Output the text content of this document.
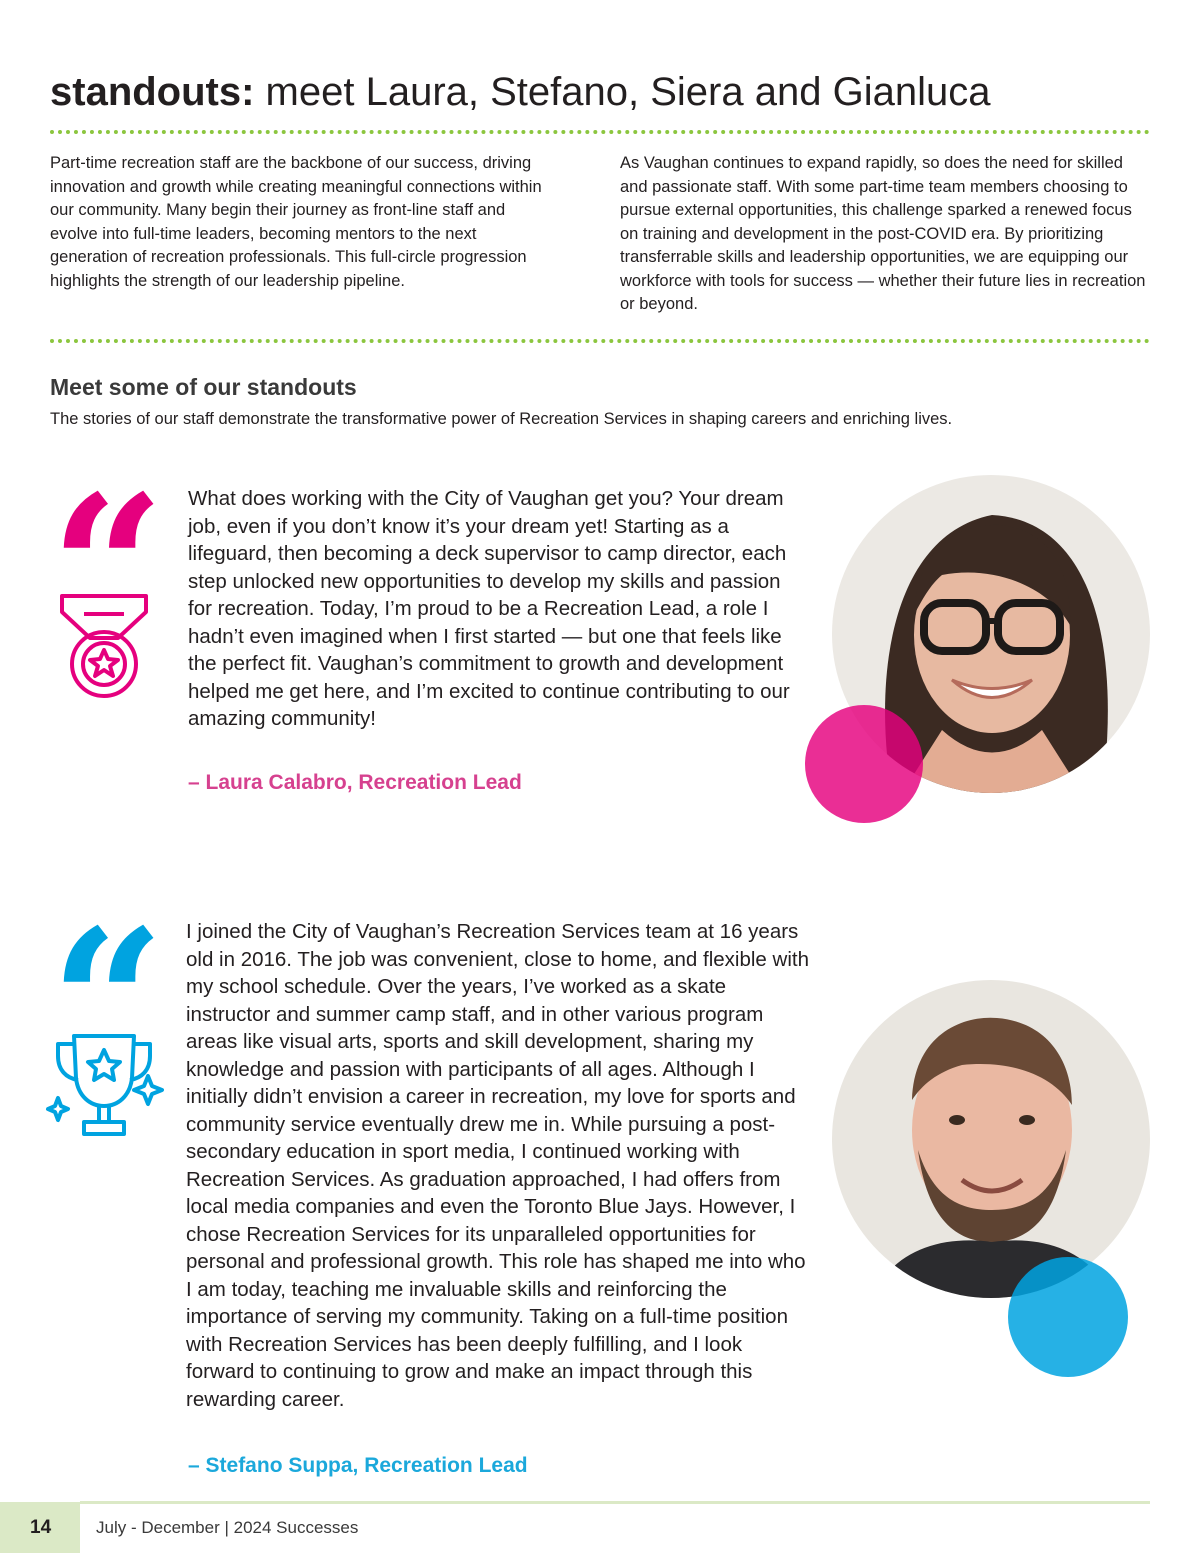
standouts: meet Laura, Stefano, Siera and Gianluca

Part-time recreation staff are the backbone of our success, driving innovation and growth while creating meaningful connections within our community. Many begin their journey as front-line staff and evolve into full-time leaders, becoming mentors to the next generation of recreation professionals. This full-circle progression highlights the strength of our leadership pipeline.

As Vaughan continues to expand rapidly, so does the need for skilled and passionate staff. With some part-time team members choosing to pursue external opportunities, this challenge sparked a renewed focus on training and development in the post-COVID era. By prioritizing transferrable skills and leadership opportunities, we are equipping our workforce with tools for success — whether their future lies in recreation or beyond.

Meet some of our standouts

The stories of our staff demonstrate the transformative power of Recreation Services in shaping careers and enriching lives.

“ What does working with the City of Vaughan get you? Your dream job, even if you don’t know it’s your dream yet! Starting as a lifeguard, then becoming a deck supervisor to camp director, each step unlocked new opportunities to develop my skills and passion for recreation. Today, I’m proud to be a Recreation Lead, a role I hadn’t even imagined when I first started — but one that feels like the perfect fit. Vaughan’s commitment to growth and development helped me get here, and I’m excited to continue contributing to our amazing community!

– Laura Calabro, Recreation Lead

“ I joined the City of Vaughan’s Recreation Services team at 16 years old in 2016. The job was convenient, close to home, and flexible with my school schedule. Over the years, I’ve worked as a skate instructor and summer camp staff, and in other various program areas like visual arts, sports and skill development, sharing my knowledge and passion with participants of all ages. Although I initially didn’t envision a career in recreation, my love for sports and community service eventually drew me in. While pursuing a post-secondary education in sport media, I continued working with Recreation Services. As graduation approached, I had offers from local media companies and even the Toronto Blue Jays. However, I chose Recreation Services for its unparalleled opportunities for personal and professional growth. This role has shaped me into who I am today, teaching me invaluable skills and reinforcing the importance of serving my community. Taking on a full-time position with Recreation Services has been deeply fulfilling, and I look forward to continuing to grow and make an impact through this rewarding career.

– Stefano Suppa, Recreation Lead

14	July - December | 2024 Successes
